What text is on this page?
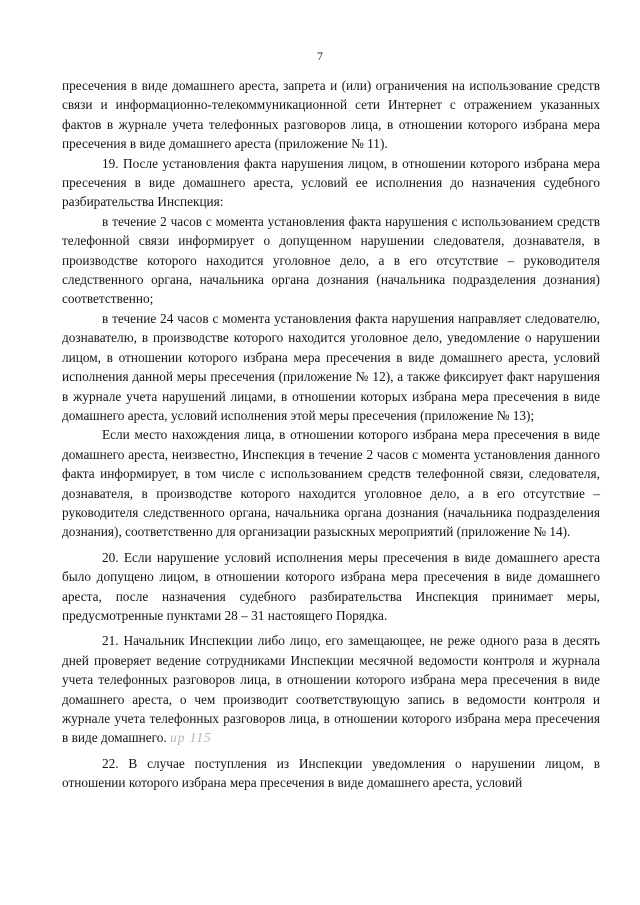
7

пресечения в виде домашнего ареста, запрета и (или) ограничения на использование средств связи и информационно-телекоммуникационной сети Интернет с отражением указанных фактов в журнале учета телефонных разговоров лица, в отношении которого избрана мера пресечения в виде домашнего ареста (приложение № 11).

19. После установления факта нарушения лицом, в отношении которого избрана мера пресечения в виде домашнего ареста, условий ее исполнения до назначения судебного разбирательства Инспекция:

в течение 2 часов с момента установления факта нарушения с использованием средств телефонной связи информирует о допущенном нарушении следователя, дознавателя, в производстве которого находится уголовное дело, а в его отсутствие – руководителя следственного органа, начальника органа дознания (начальника подразделения дознания) соответственно;

в течение 24 часов с момента установления факта нарушения направляет следователю, дознавателю, в производстве которого находится уголовное дело, уведомление о нарушении лицом, в отношении которого избрана мера пресечения в виде домашнего ареста, условий исполнения данной меры пресечения (приложение № 12), а также фиксирует факт нарушения в журнале учета нарушений лицами, в отношении которых избрана мера пресечения в виде домашнего ареста, условий исполнения этой меры пресечения (приложение № 13);

Если место нахождения лица, в отношении которого избрана мера пресечения в виде домашнего ареста, неизвестно, Инспекция в течение 2 часов с момента установления данного факта информирует, в том числе с использованием средств телефонной связи, следователя, дознавателя, в производстве которого находится уголовное дело, а в его отсутствие – руководителя следственного органа, начальника органа дознания (начальника подразделения дознания), соответственно для организации разыскных мероприятий (приложение № 14).

20. Если нарушение условий исполнения меры пресечения в виде домашнего ареста было допущено лицом, в отношении которого избрана мера пресечения в виде домашнего ареста, после назначения судебного разбирательства Инспекция принимает меры, предусмотренные пунктами 28 – 31 настоящего Порядка.

21. Начальник Инспекции либо лицо, его замещающее, не реже одного раза в десять дней проверяет ведение сотрудниками Инспекции месячной ведомости контроля и журнала учета телефонных разговоров лица, в отношении которого избрана мера пресечения в виде домашнего ареста, о чем производит соответствующую запись в ведомости контроля и журнале учета телефонных разговоров лица, в отношении которого избрана мера пресечения в виде домашнего. ир 115

22. В случае поступления из Инспекции уведомления о нарушении лицом, в отношении которого избрана мера пресечения в виде домашнего ареста, условий
